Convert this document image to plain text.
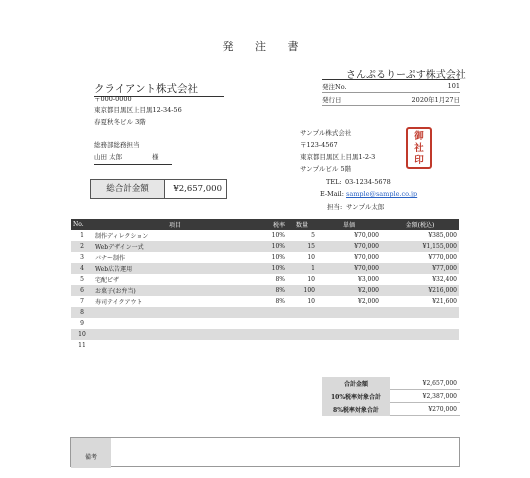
発 注 書
クライアント株式会社
〒000-0000
東京都目黒区上目黒12-34-56
春夏秋冬ビル 3階
総務部総務担当
山田 太郎	様
さんぷるりーぷす株式会社
発注No.	101
発行日	2020年1月27日
サンプル株式会社
〒123-4567
東京都目黒区上目黒1-2-3
サンプルビル 5階
TEL: 03-1234-5678
E-Mail: sample@sample.co.jp
担当: サンプル太郎
御
社
印
総合計金額	¥2,657,000
No.	項目	税率	数量	単価	金額(税込)
1	制作ディレクション	10%	5	¥70,000	¥385,000
2	Webデザイン一式	10%	15	¥70,000	¥1,155,000
3	バナー制作	10%	10	¥70,000	¥770,000
4	Web広告運用	10%	1	¥70,000	¥77,000
5	宅配ピザ	8%	10	¥3,000	¥32,400
6	お菓子(お弁当)	8%	100	¥2,000	¥216,000
7	寿司テイクアウト	8%	10	¥2,000	¥21,600
8					
9					
10					
11					
合計金額	¥2,657,000
10%税率対象合計	¥2,387,000
8%税率対象合計	¥270,000
備考
